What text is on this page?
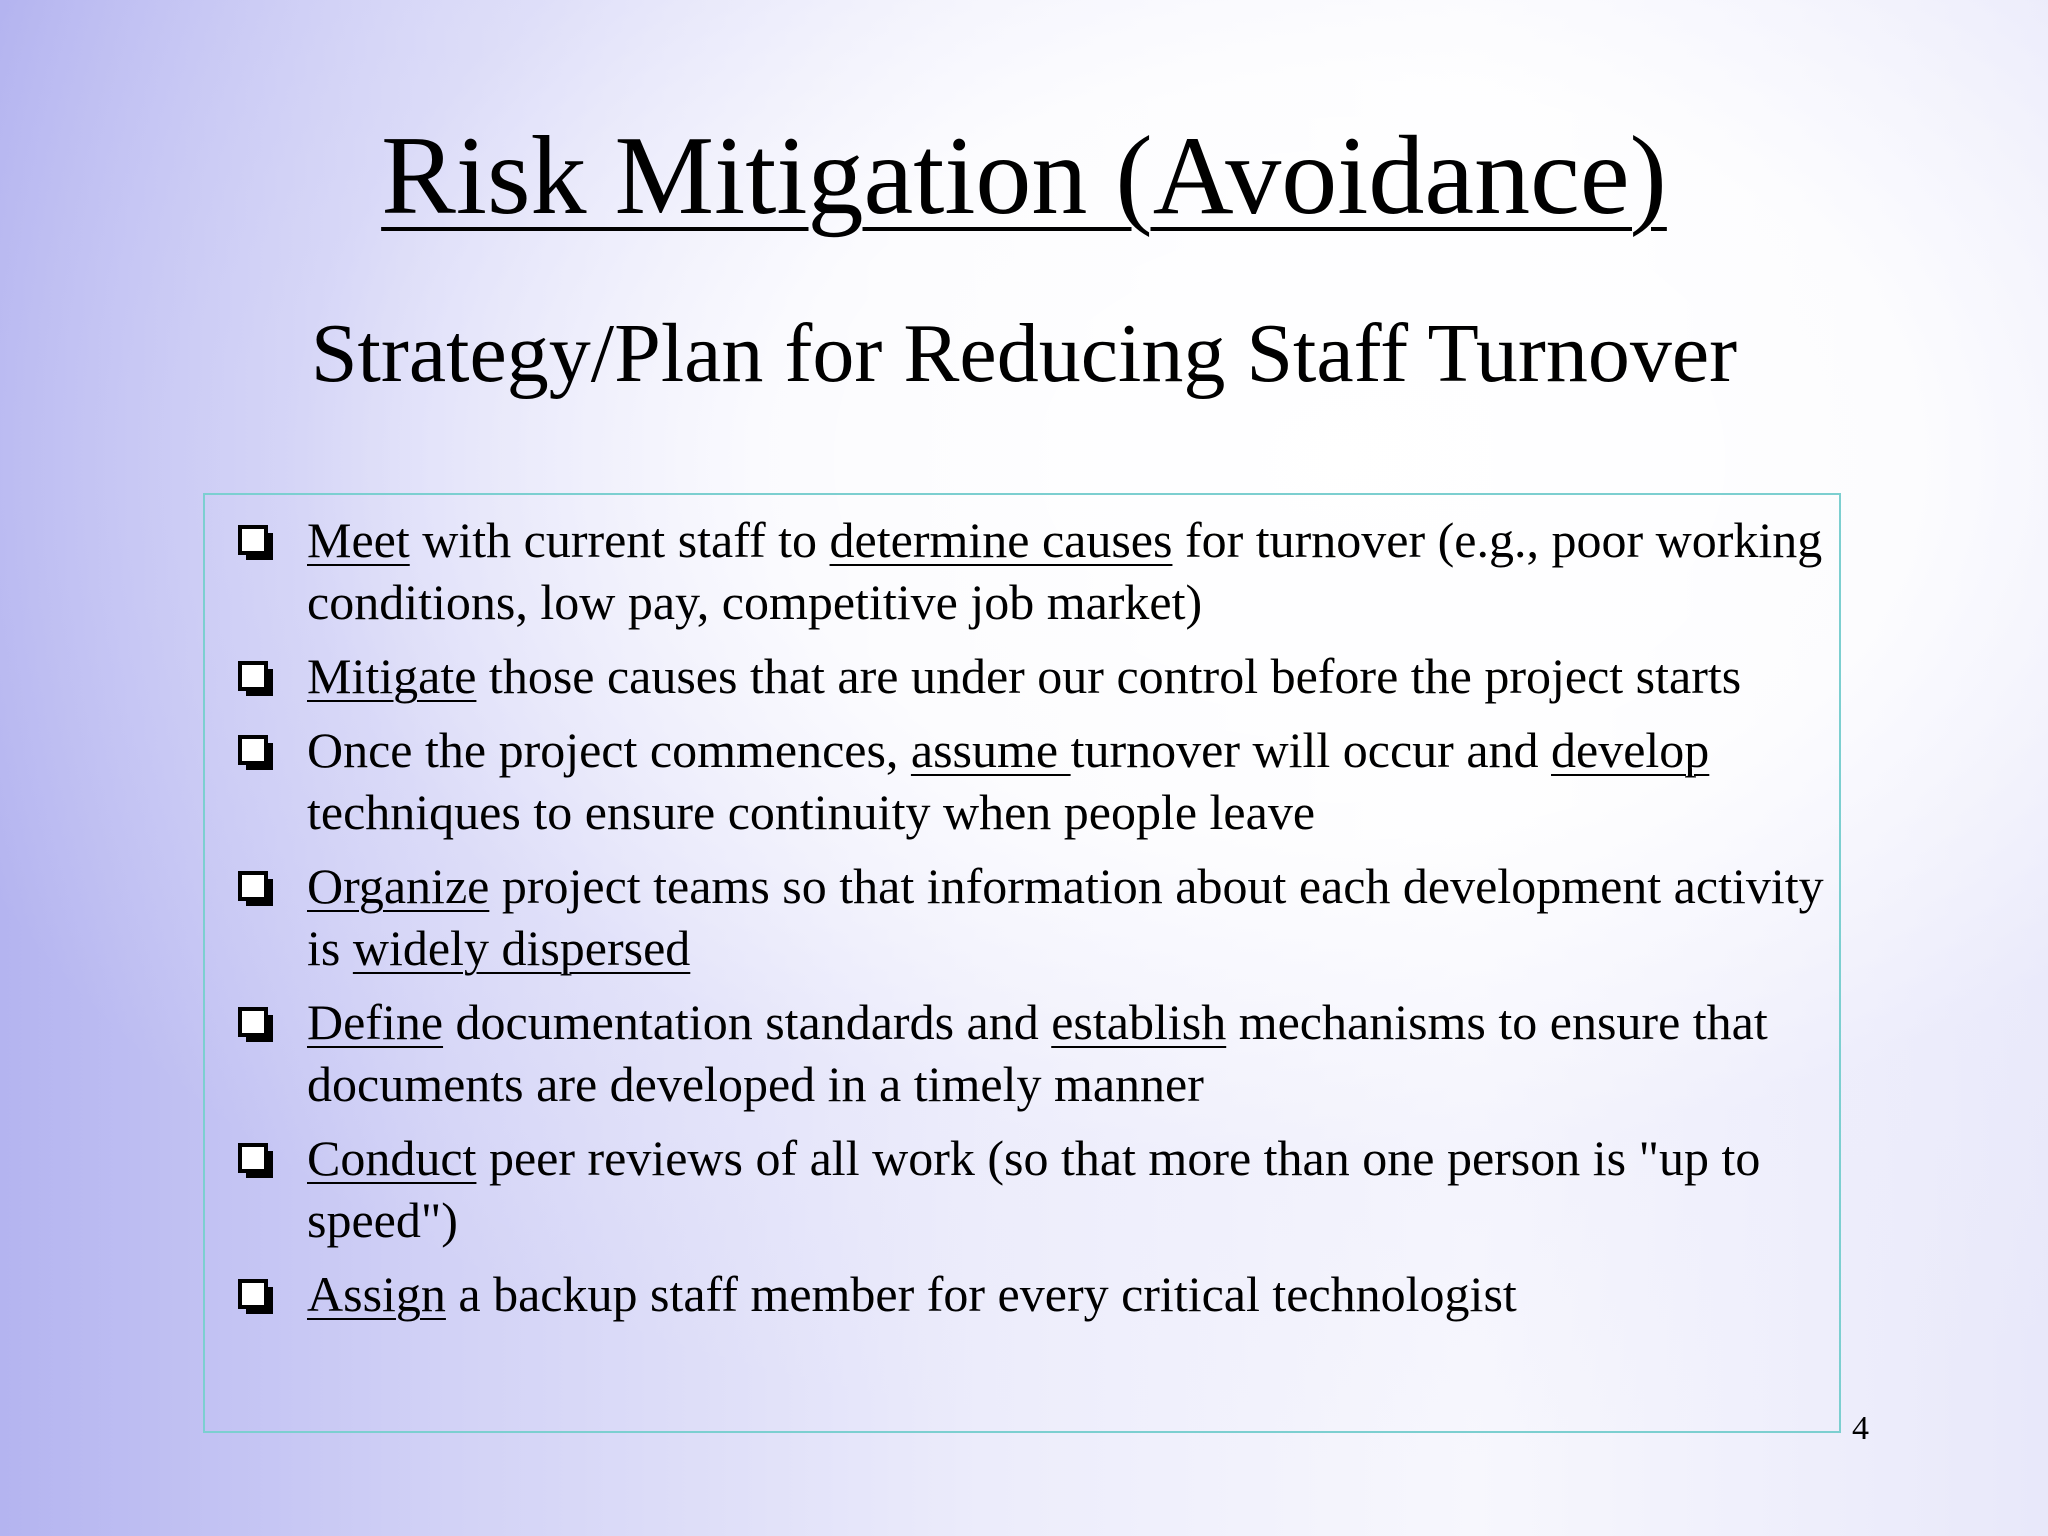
Risk Mitigation (Avoidance)
Strategy/Plan for Reducing Staff Turnover
Meet with current staff to determine causes for turnover (e.g., poor working conditions, low pay, competitive job market)
Mitigate those causes that are under our control before the project starts
Once the project commences, assume turnover will occur and develop techniques to ensure continuity when people leave
Organize project teams so that information about each development activity is widely dispersed
Define documentation standards and establish mechanisms to ensure that documents are developed in a timely manner
Conduct peer reviews of all work (so that more than one person is "up to speed")
Assign a backup staff member for every critical technologist
4
